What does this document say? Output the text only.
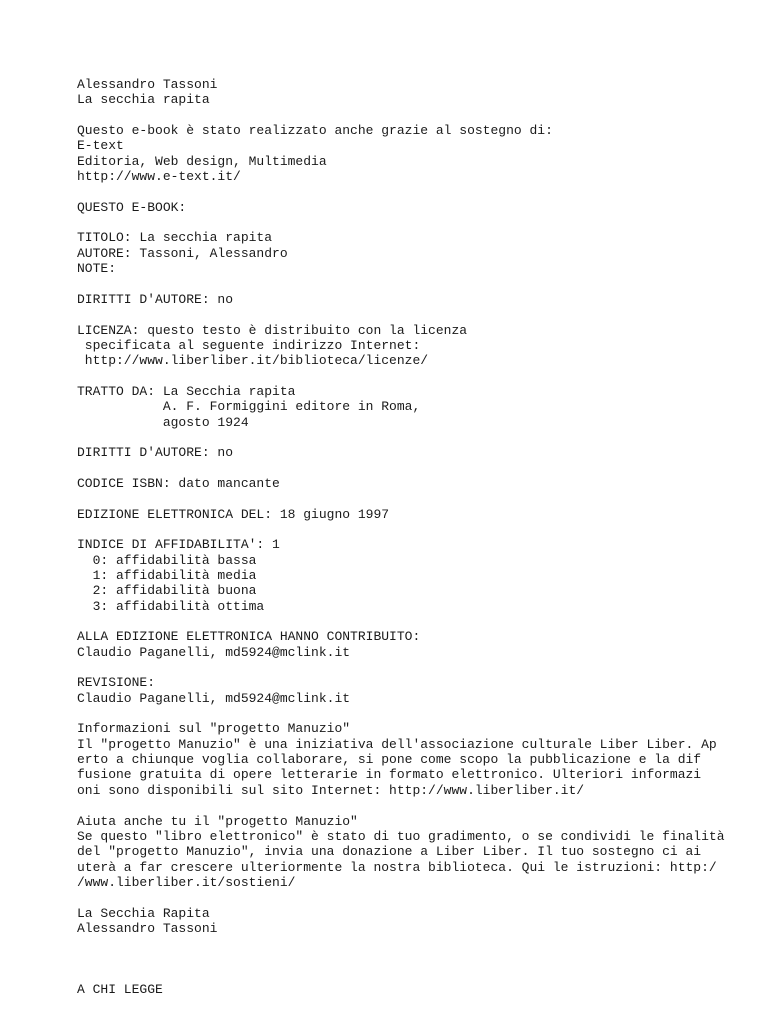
Alessandro Tassoni
La secchia rapita
Questo e-book è stato realizzato anche grazie al sostegno di:
E-text
Editoria, Web design, Multimedia
http://www.e-text.it/
QUESTO E-BOOK:
TITOLO: La secchia rapita
AUTORE: Tassoni, Alessandro
NOTE:
DIRITTI D'AUTORE: no
LICENZA: questo testo è distribuito con la licenza
specificata al seguente indirizzo Internet:
http://www.liberliber.it/biblioteca/licenze/
TRATTO DA: La Secchia rapita
A. F. Formiggini editore in Roma,
agosto 1924
DIRITTI D'AUTORE: no
CODICE ISBN: dato mancante
EDIZIONE ELETTRONICA DEL: 18 giugno 1997
INDICE DI AFFIDABILITA': 1
0: affidabilità bassa
1: affidabilità media
2: affidabilità buona
3: affidabilità ottima
ALLA EDIZIONE ELETTRONICA HANNO CONTRIBUITO:
Claudio Paganelli, md5924@mclink.it
REVISIONE:
Claudio Paganelli, md5924@mclink.it
Informazioni sul "progetto Manuzio"
Il "progetto Manuzio" è una iniziativa dell'associazione culturale Liber Liber. Ap
erto a chiunque voglia collaborare, si pone come scopo la pubblicazione e la dif
fusione gratuita di opere letterarie in formato elettronico. Ulteriori informazi
oni sono disponibili sul sito Internet: http://www.liberliber.it/
Aiuta anche tu il "progetto Manuzio"
Se questo "libro elettronico" è stato di tuo gradimento, o se condividi le finalità
del "progetto Manuzio", invia una donazione a Liber Liber. Il tuo sostegno ci ai
uterà a far crescere ulteriormente la nostra biblioteca. Qui le istruzioni: http:/
/www.liberliber.it/sostieni/
La Secchia Rapita
Alessandro Tassoni
A CHI LEGGE
